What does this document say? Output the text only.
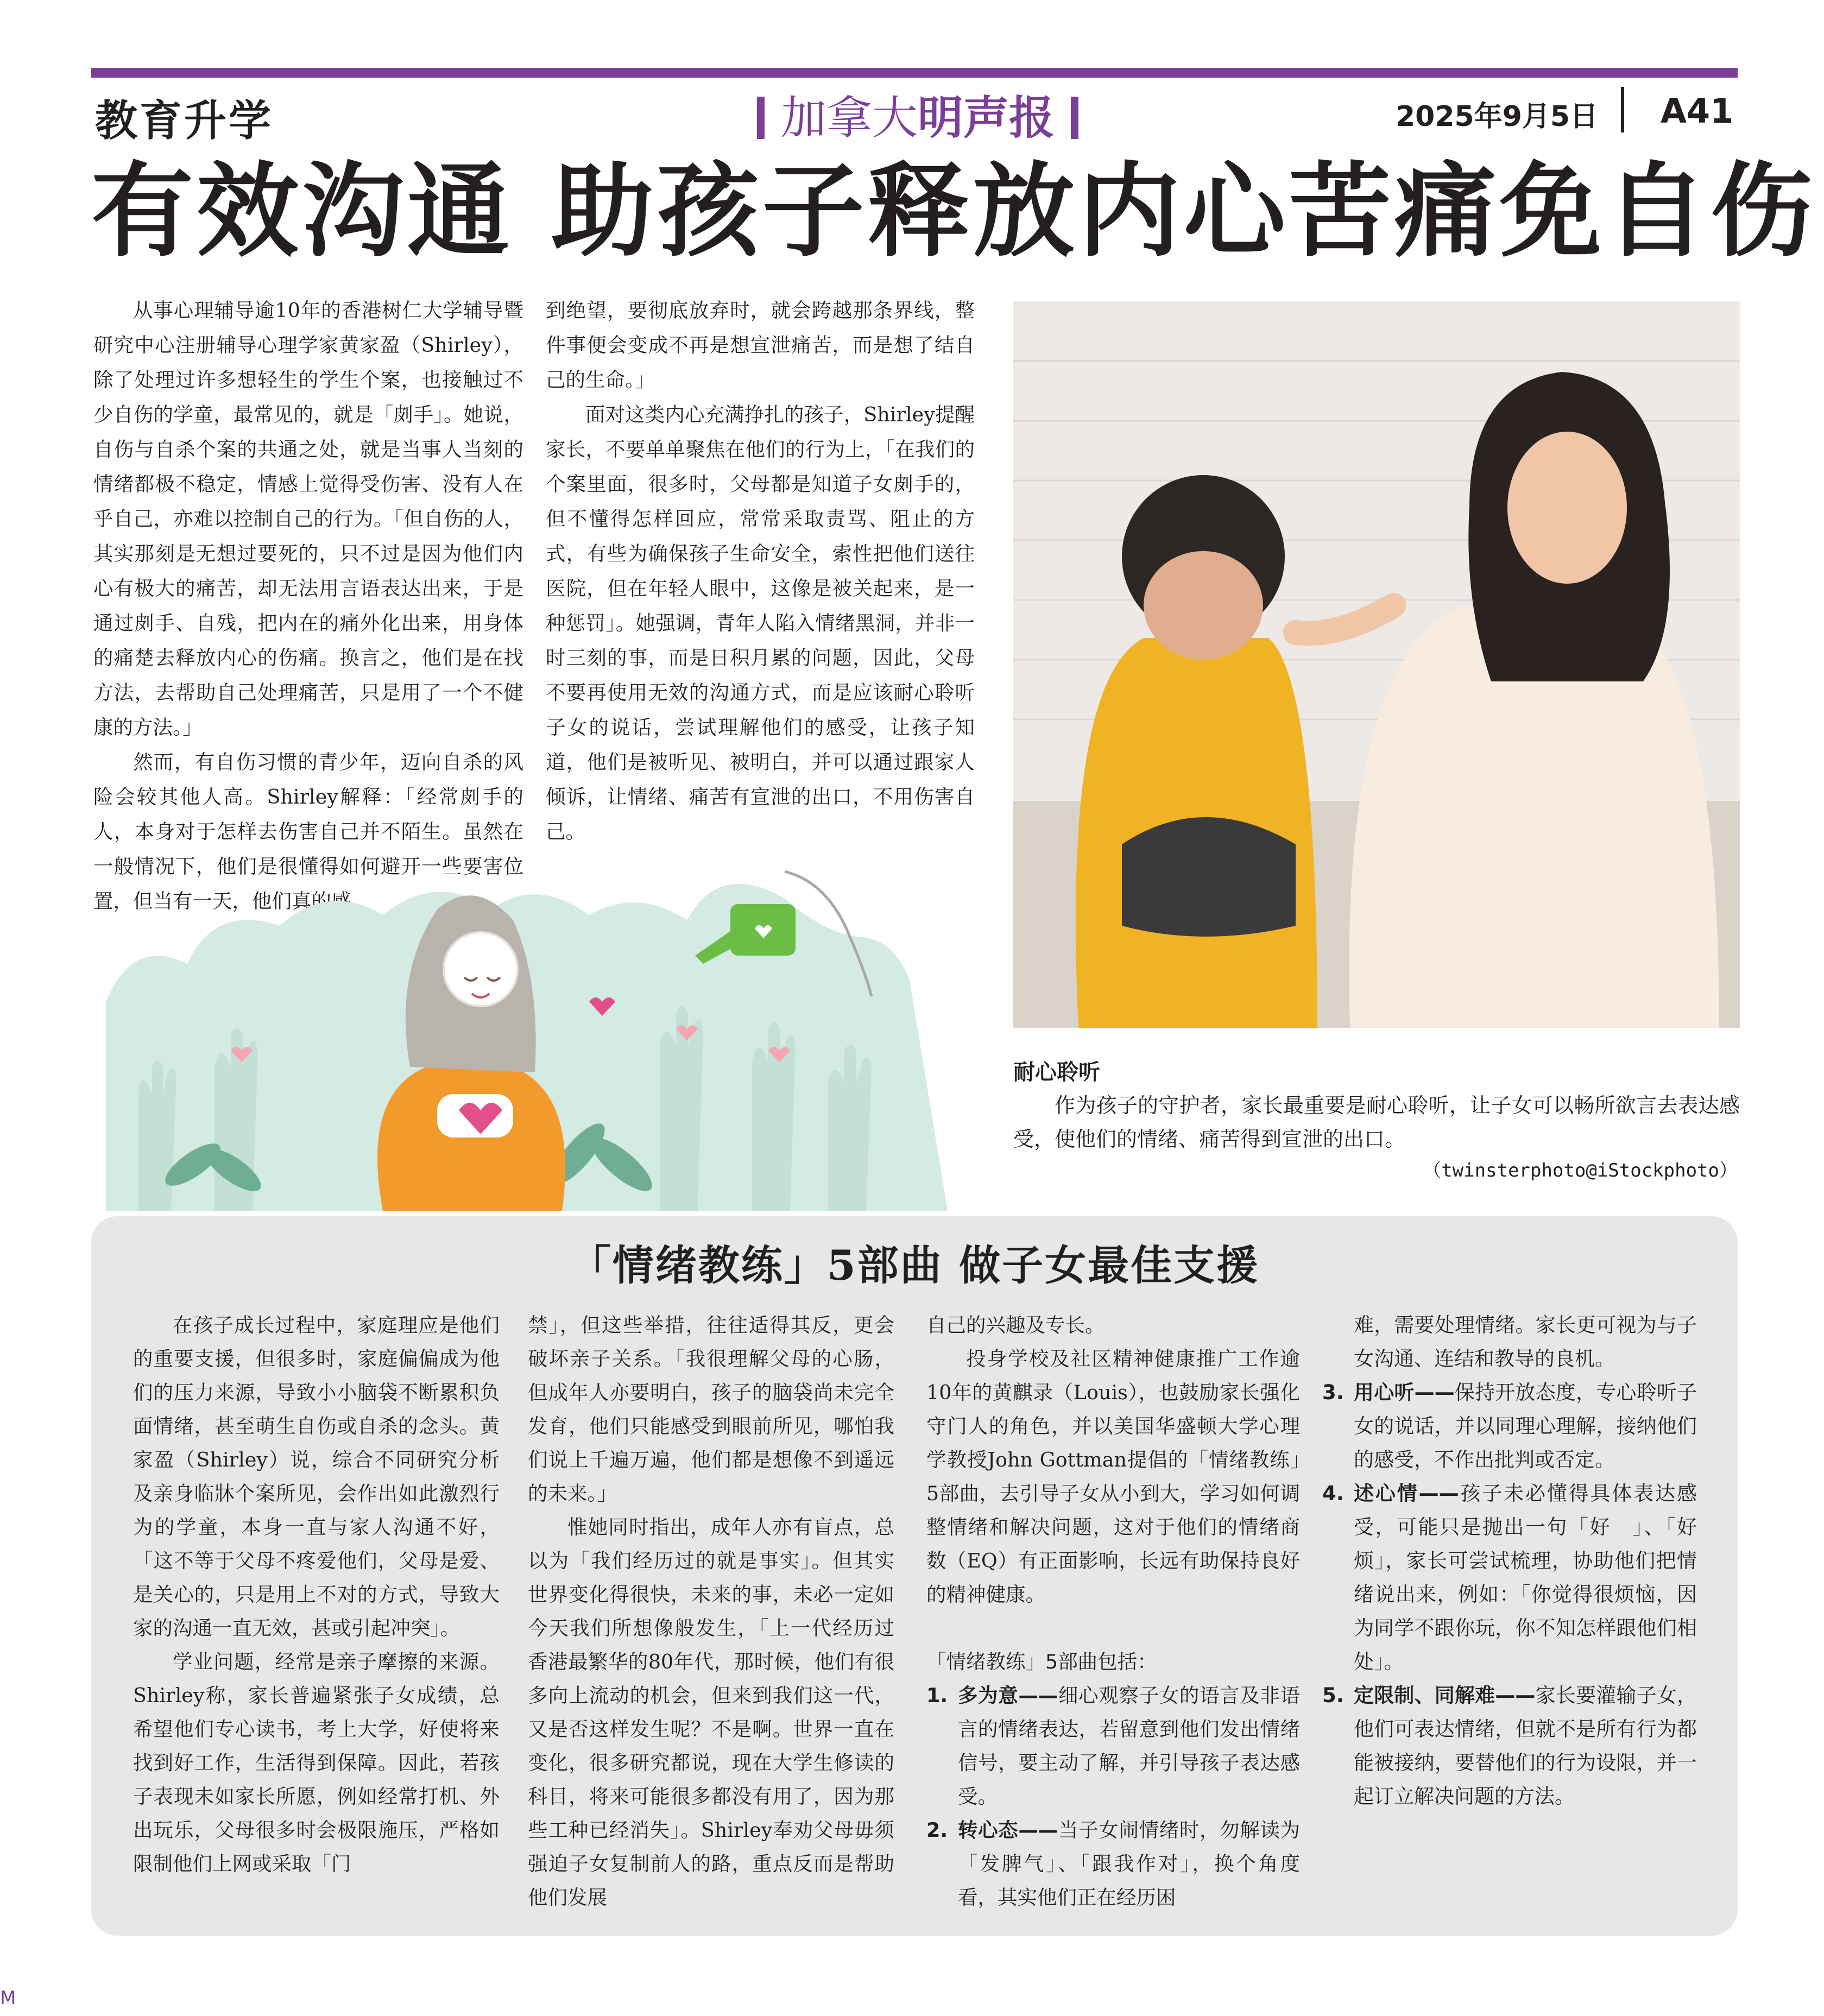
教育升学	加拿大明声报	2025年9月5日 A41
有效沟通 助孩子释放内心苦痛免自伤

从事心理辅导逾10年的香港树仁大学辅导暨研究中心注册辅导心理学家黄家盈（Shirley），除了处理过许多想轻生的学生个案，也接触过不少自伤的学童，最常见的，就是「㓟手」。她说，自伤与自杀个案的共通之处，就是当事人当刻的情绪都极不稳定，情感上觉得受伤害、没有人在乎自己，亦难以控制自己的行为。「但自伤的人，其实那刻是无想过要死的，只不过是因为他们内心有极大的痛苦，却无法用言语表达出来，于是通过㓟手、自残，把内在的痛外化出来，用身体的痛楚去释放内心的伤痛。换言之，他们是在找方法，去帮助自己处理痛苦，只是用了一个不健康的方法。」

然而，有自伤习惯的青少年，迈向自杀的风险会较其他人高。Shirley解释：「经常㓟手的人，本身对于怎样去伤害自己并不陌生。虽然在一般情况下，他们是很懂得如何避开一些要害位置，但当有一天，他们真的感

到绝望，要彻底放弃时，就会跨越那条界线，整件事便会变成不再是想宣泄痛苦，而是想了结自己的生命。」

面对这类内心充满挣扎的孩子，Shirley提醒家长，不要单单聚焦在他们的行为上，「在我们的个案里面，很多时，父母都是知道子女㓟手的，但不懂得怎样回应，常常采取责骂、阻止的方式，有些为确保孩子生命安全，索性把他们送往医院，但在年轻人眼中，这像是被关起来，是一种惩罚」。她强调，青年人陷入情绪黑洞，并非一时三刻的事，而是日积月累的问题，因此，父母不要再使用无效的沟通方式，而是应该耐心聆听子女的说话，尝试理解他们的感受，让孩子知道，他们是被听见、被明白，并可以通过跟家人倾诉，让情绪、痛苦有宣泄的出口，不用伤害自己。

耐心聆听
作为孩子的守护者，家长最重要是耐心聆听，让子女可以畅所欲言去表达感受，使他们的情绪、痛苦得到宣泄的出口。
（twinsterphoto@iStockphoto）
「情绪教练」5部曲 做子女最佳支援

在孩子成长过程中，家庭理应是他们的重要支援，但很多时，家庭偏偏成为他们的压力来源，导致小小脑袋不断累积负面情绪，甚至萌生自伤或自杀的念头。黄家盈（Shirley）说，综合不同研究分析及亲身临牀个案所见，会作出如此激烈行为的学童，本身一直与家人沟通不好，「这不等于父母不疼爱他们，父母是爱、是关心的，只是用上不对的方式，导致大家的沟通一直无效，甚或引起冲突」。

学业问题，经常是亲子摩擦的来源。Shirley称，家长普遍紧张子女成绩，总希望他们专心读书，考上大学，好使将来找到好工作，生活得到保障。因此，若孩子表现未如家长所愿，例如经常打机、外出玩乐，父母很多时会极限施压，严格如限制他们上网或采取「门

禁」，但这些举措，往往适得其反，更会破坏亲子关系。「我很理解父母的心肠，但成年人亦要明白，孩子的脑袋尚未完全发育，他们只能感受到眼前所见，哪怕我们说上千遍万遍，他们都是想像不到遥远的未来。」

惟她同时指出，成年人亦有盲点，总以为「我们经历过的就是事实」。但其实世界变化得很快，未来的事，未必一定如今天我们所想像般发生，「上一代经历过香港最繁华的80年代，那时候，他们有很多向上流动的机会，但来到我们这一代，又是否这样发生呢？不是啊。世界一直在变化，很多研究都说，现在大学生修读的科目，将来可能很多都没有用了，因为那些工种已经消失」。Shirley奉劝父母毋须强迫子女复制前人的路，重点反而是帮助他们发展

自己的兴趣及专长。

投身学校及社区精神健康推广工作逾10年的黄麒录（Louis），也鼓励家长强化守门人的角色，并以美国华盛顿大学心理学教授John Gottman提倡的「情绪教练」5部曲，去引导子女从小到大，学习如何调整情绪和解决问题，这对于他们的情绪商数（EQ）有正面影响，长远有助保持良好的精神健康。

「情绪教练」5部曲包括：

1. 多为意——细心观察子女的语言及非语言的情绪表达，若留意到他们发出情绪信号，要主动了解，并引导孩子表达感受。
2. 转心态——当子女闹情绪时，勿解读为「发脾气」、「跟我作对」，换个角度看，其实他们正在经历困
难，需要处理情绪。家长更可视为与子女沟通、连结和教导的良机。
3. 用心听——保持开放态度，专心聆听子女的说话，并以同理心理解，接纳他们的感受，不作出批判或否定。
4. 述心情——孩子未必懂得具体表达感受，可能只是抛出一句「好　」、「好烦」，家长可尝试梳理，协助他们把情绪说出来，例如：「你觉得很烦恼，因为同学不跟你玩，你不知怎样跟他们相处」。
5. 定限制、同解难——家长要灌输子女，他们可表达情绪，但就不是所有行为都能被接纳，要替他们的行为设限，并一起订立解决问题的方法。
M
